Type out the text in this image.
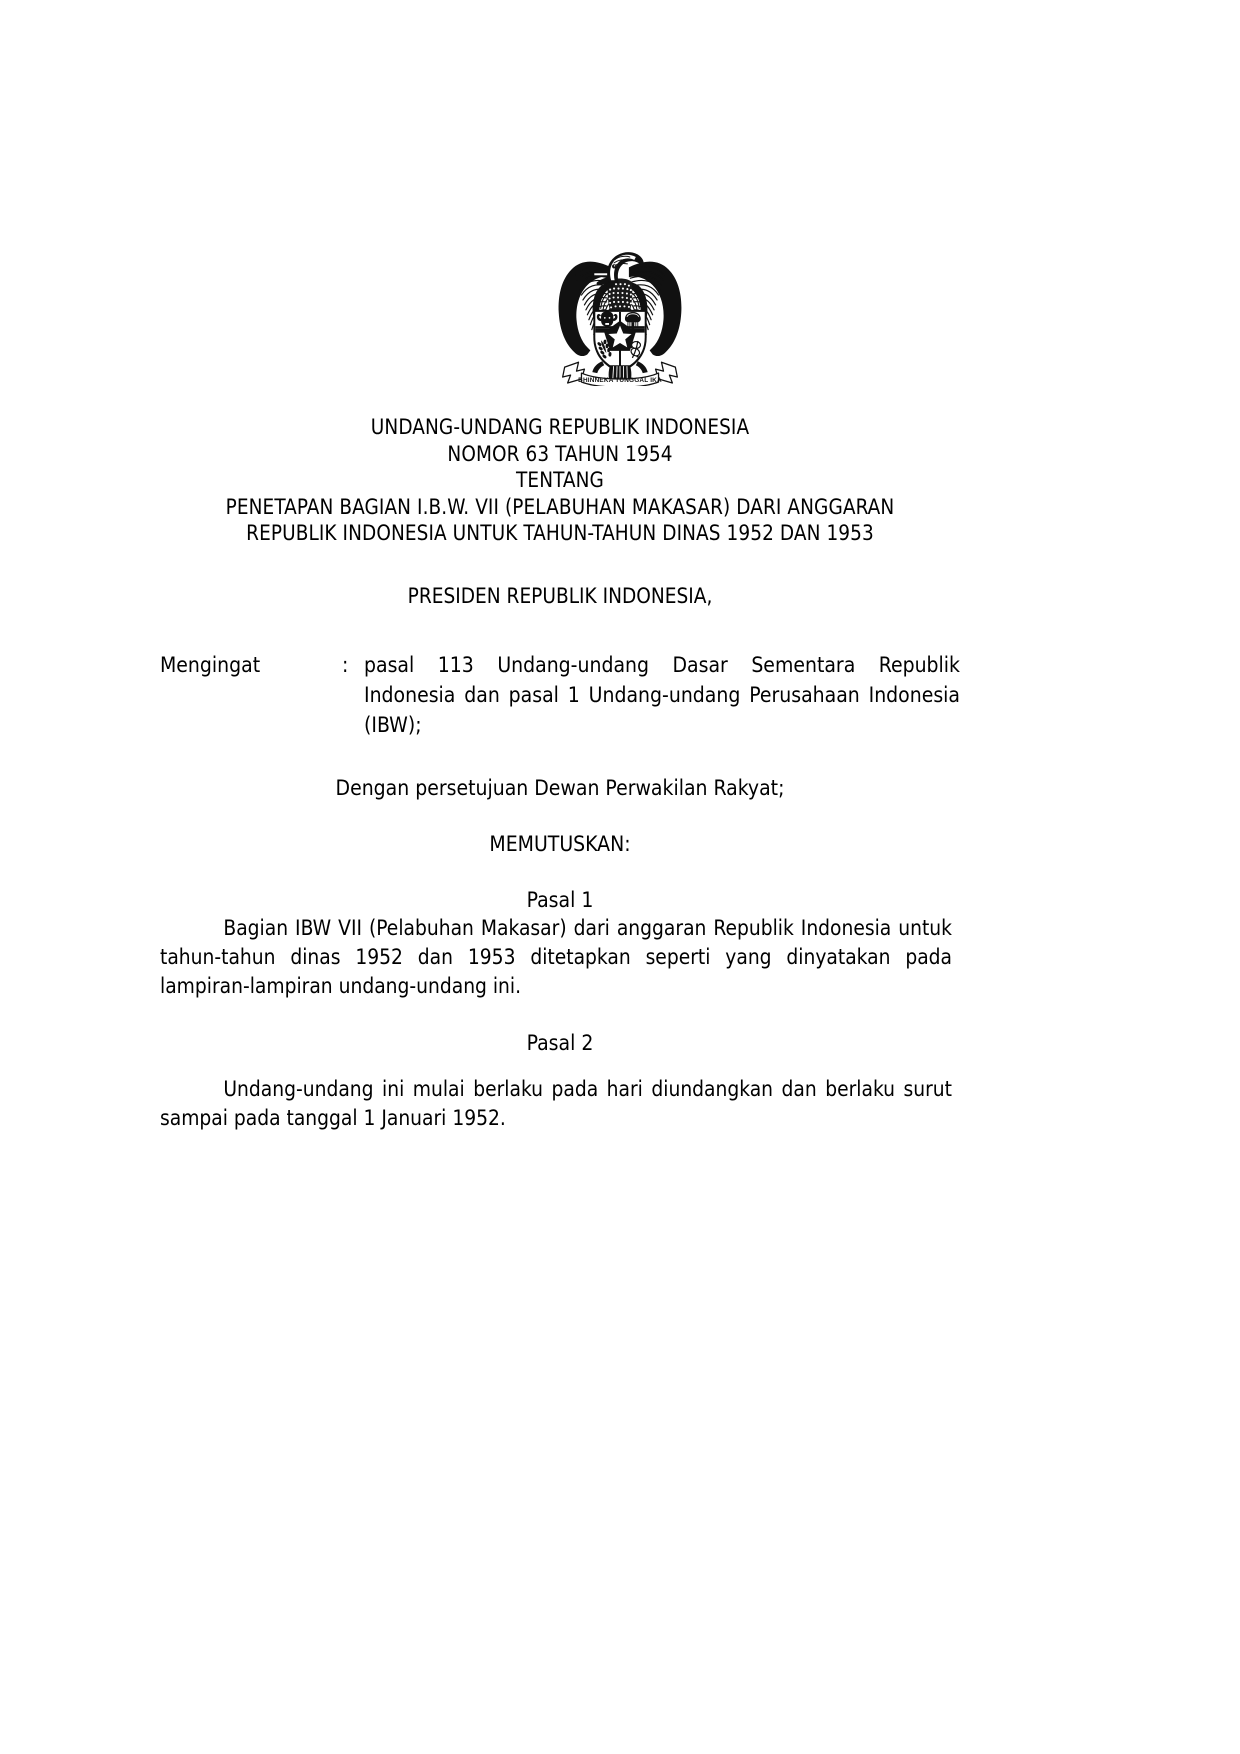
BHINNEKA TUNGGAL IKA
UNDANG-UNDANG REPUBLIK INDONESIA
NOMOR 63 TAHUN 1954
TENTANG
PENETAPAN BAGIAN I.B.W. VII (PELABUHAN MAKASAR) DARI ANGGARAN
REPUBLIK INDONESIA UNTUK TAHUN-TAHUN DINAS 1952 DAN 1953
PRESIDEN REPUBLIK INDONESIA,
Mengingat	: pasal 113 Undang-undang Dasar Sementara Republik Indonesia dan pasal 1 Undang-undang Perusahaan Indonesia (IBW);
Dengan persetujuan Dewan Perwakilan Rakyat;
MEMUTUSKAN:
Pasal 1

Bagian IBW VII (Pelabuhan Makasar) dari anggaran Republik Indonesia untuk tahun-tahun dinas 1952 dan 1953 ditetapkan seperti yang dinyatakan pada lampiran-lampiran undang-undang ini.

Pasal 2

Undang-undang ini mulai berlaku pada hari diundangkan dan berlaku surut sampai pada tanggal 1 Januari 1952.
